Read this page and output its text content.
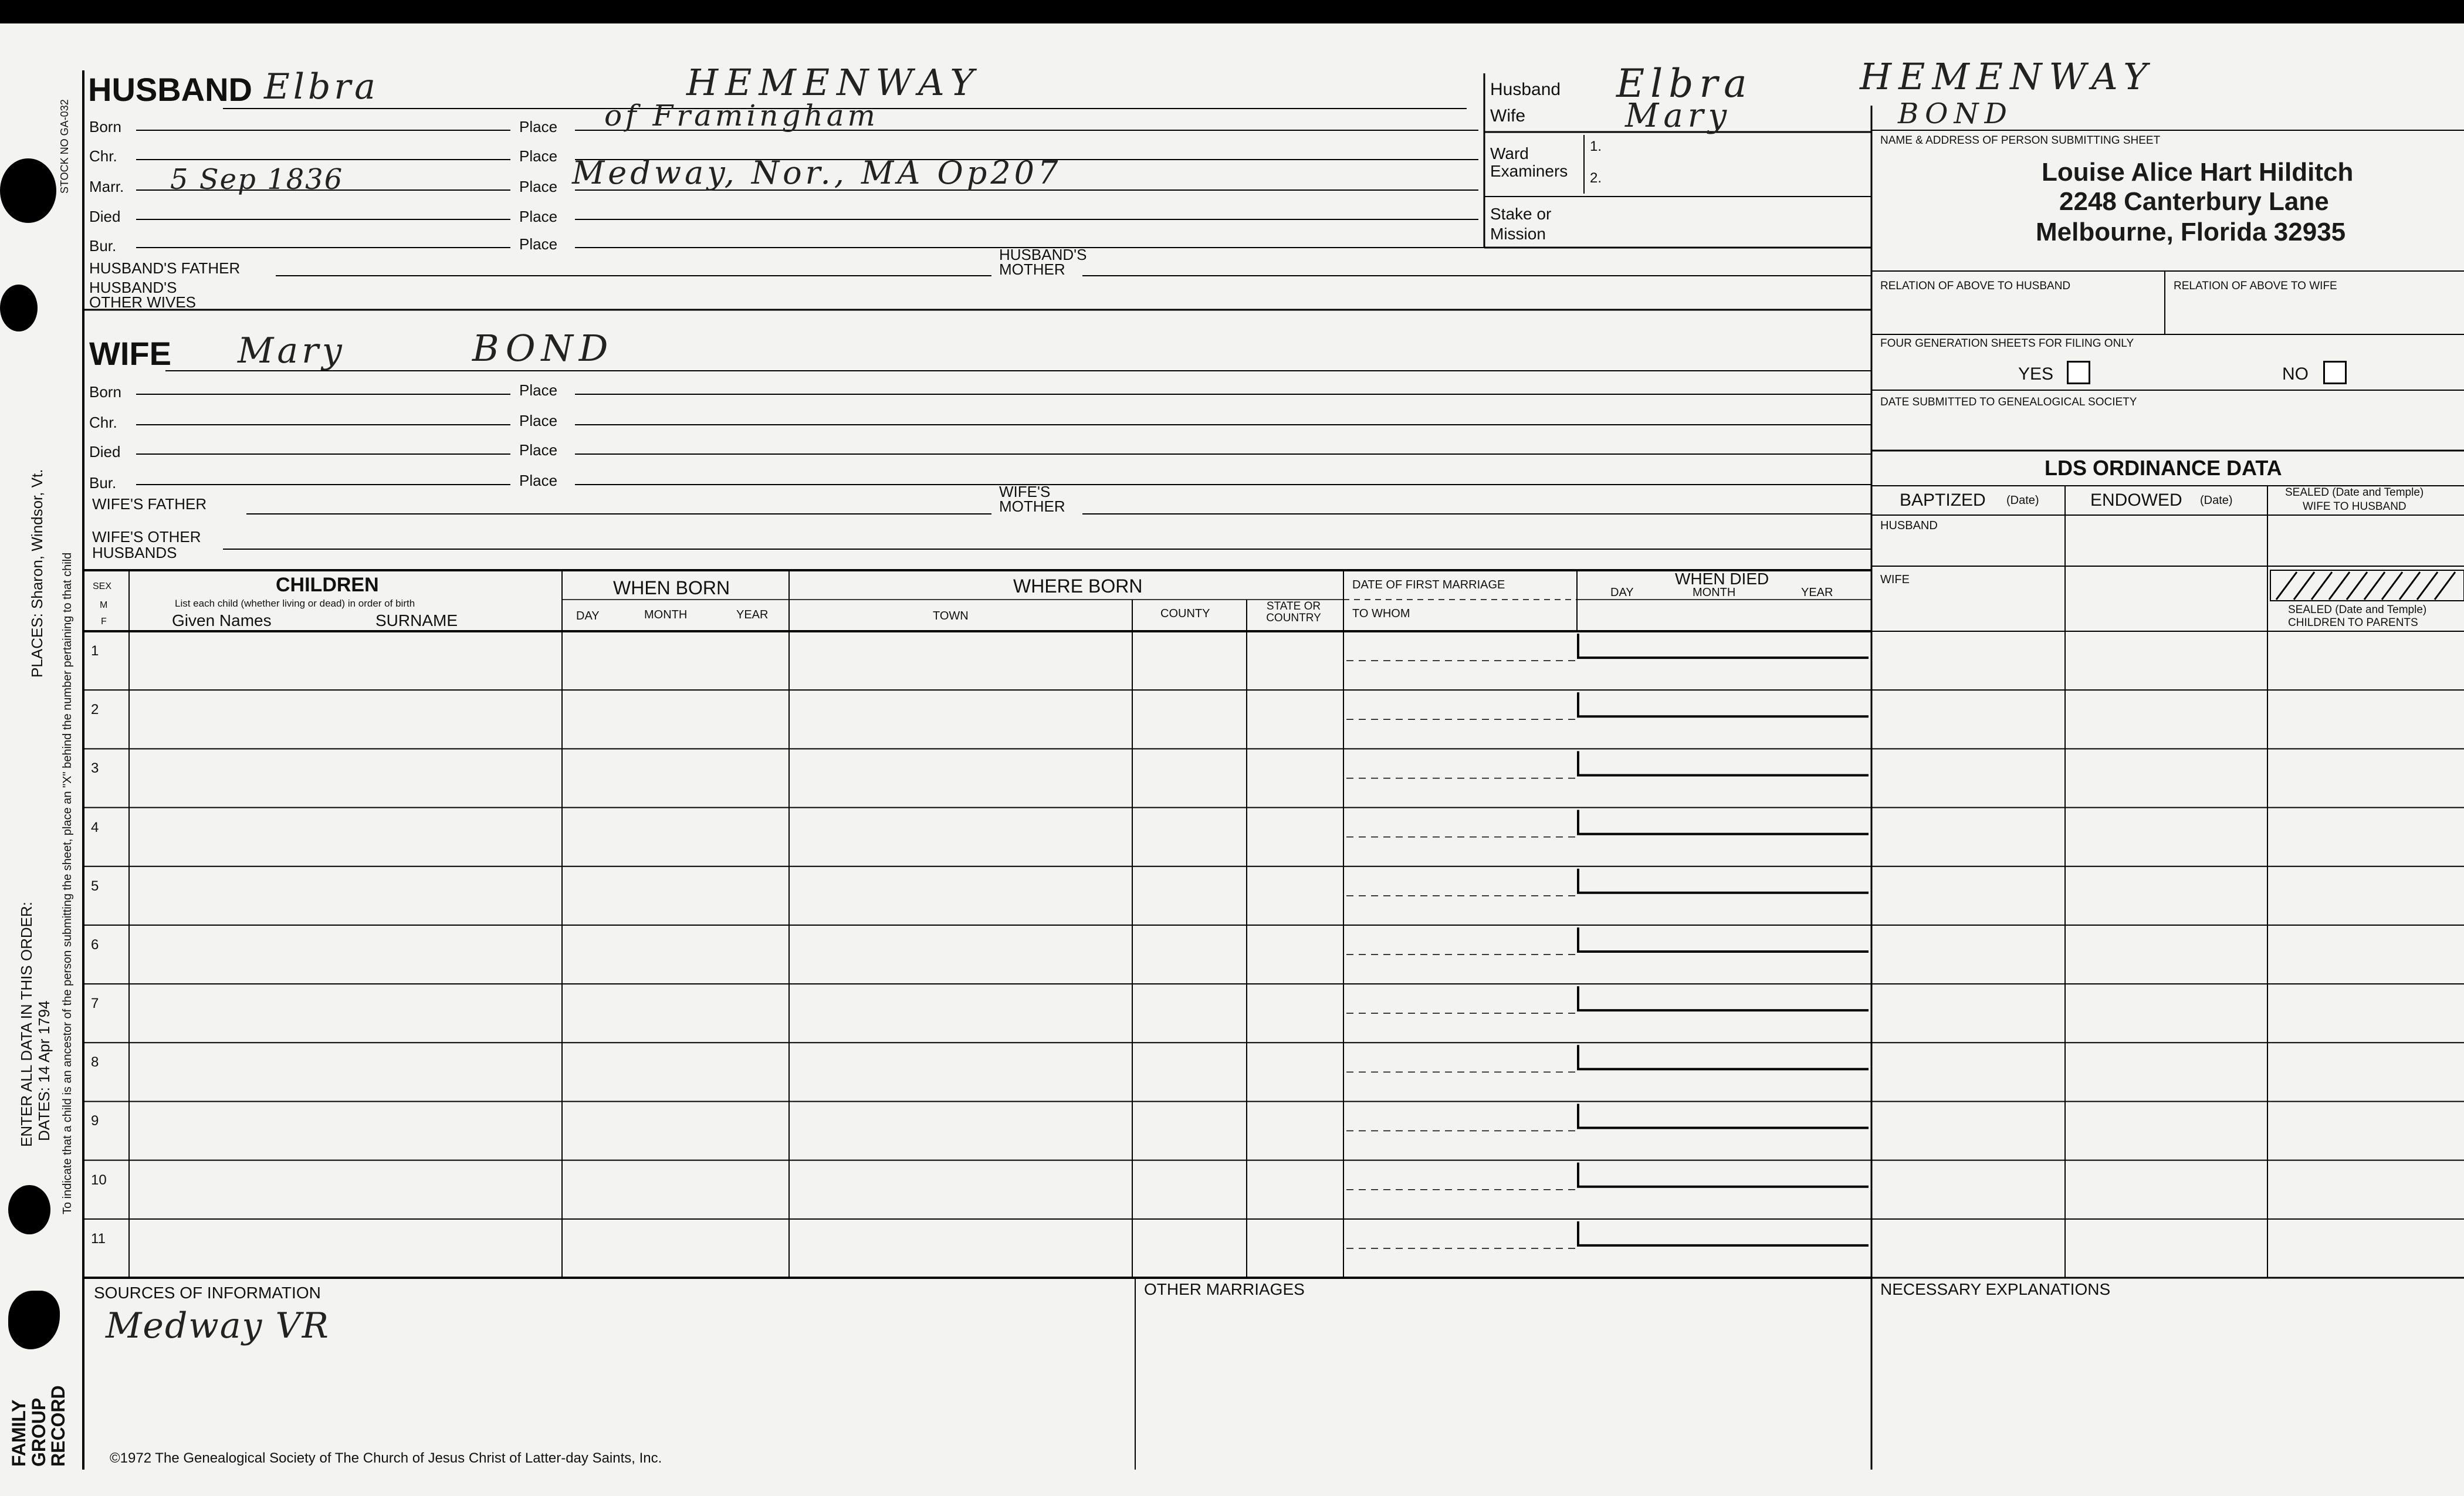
STOCK NO GA-032
PLACES: Sharon, Windsor, Vt.
ENTER ALL DATA IN THIS ORDER: DATES: 14 Apr 1794 To indicate that a child is an ancestor of the person submitting the sheet, place an "X" behind the number pertaining to that child
FAMILY
GROUP
RECORD
HUSBAND Elbra	HEMENWAY
Born	Place of Framingham
Chr.	Place
Marr. 5 Sep 1836	Place Medway, Nor., MA Op207
Died	Place
Bur.	Place
HUSBAND'S FATHER
HUSBAND'S MOTHER
HUSBAND'S OTHER WIVES
WIFE Mary	BOND
Born	Place
Chr.	Place
Died	Place
Bur.	Place
WIFE'S FATHER
WIFE'S MOTHER
WIFE'S OTHER HUSBANDS
Husband Elbra	HEMENWAY
Wife	Mary	BOND
Ward
Examiners
1.
2.
Stake or Mission
NAME & ADDRESS OF PERSON SUBMITTING SHEET
Louise Alice Hart Hilditch
2248 Canterbury Lane
Melbourne, Florida 32935
RELATION OF ABOVE TO HUSBAND	RELATION OF ABOVE TO WIFE
FOUR GENERATION SHEETS FOR FILING ONLY
YES	NO
DATE SUBMITTED TO GENEALOGICAL SOCIETY
LDS ORDINANCE DATA
BAPTIZED (Date)	ENDOWED (Date)
SEALED (Date and Temple)
WIFE TO HUSBAND
HUSBAND
WIFE
SEALED (Date and Temple)
CHILDREN TO PARENTS
SEX
M
F
CHILDREN
List each child (whether living or dead) in order of birth
Given Names	SURNAME
WHEN BORN
DAY	MONTH	YEAR
WHERE BORN
TOWN	COUNTY
STATE OR COUNTRY
DATE OF FIRST MARRIAGE
TO WHOM
WHEN DIED
DAY	MONTH	YEAR
1
2
3
4
5
6
7
8
9
10
11
SOURCES OF INFORMATION
Medway VR
OTHER MARRIAGES	NECESSARY EXPLANATIONS
©1972 The Genealogical Society of The Church of Jesus Christ of Latter-day Saints, Inc.
